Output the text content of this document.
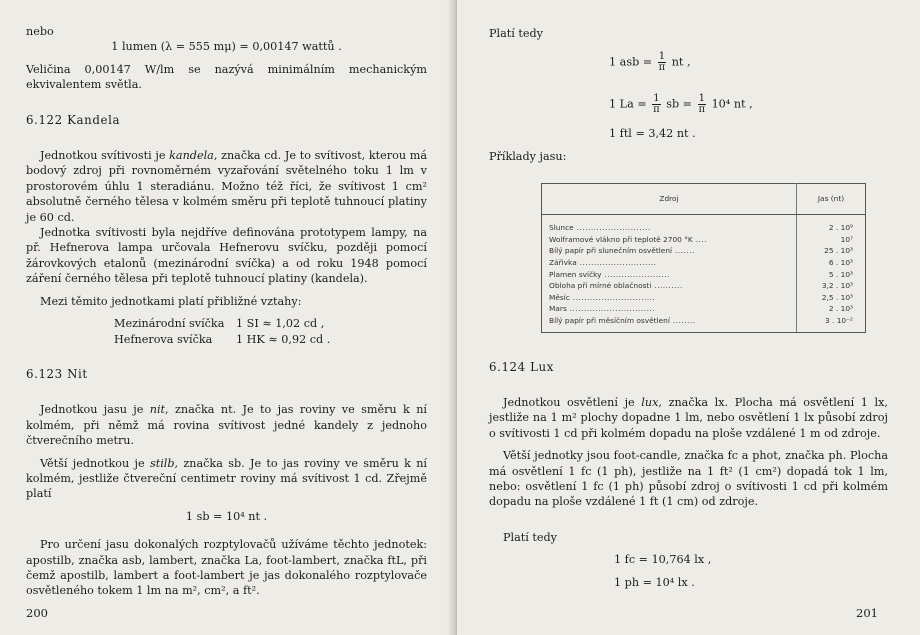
nebo

1 lumen (λ = 555 mμ) = 0,00147 wattů .

Veličina 0,00147 W/lm se nazývá minimálním mechanickým ekvivalentem světla.

6.122 Kandela

Jednotkou svítivosti je kandela, značka cd. Je to svítivost, kterou má bodový zdroj při rovnoměrném vyzařování světelného toku 1 lm v prostorovém úhlu 1 steradiánu. Možno též říci, že svítivost 1 cm² absolutně černého tělesa v kolmém směru při teplotě tuhnoucí platiny je 60 cd.

Jednotka svítivosti byla nejdříve definována prototypem lampy, na př. Hefnerova lampa určovala Hefnerovu svíčku, později pomocí žárovkových etalonů (mezinárodní svíčka) a od roku 1948 pomocí záření černého tělesa při teplotě tuhnoucí platiny (kandela).

Mezi těmito jednotkami platí přibližné vztahy:

Mezinárodní svíčka	1 SI ≈ 1,02 cd ,
Hefnerova svíčka	1 HK ≈ 0,92 cd .
6.123 Nit

Jednotkou jasu je nit, značka nt. Je to jas roviny ve směru k ní kolmém, při němž má rovina svítivost jedné kandely z jednoho čtverečního metru.

Větší jednotkou je stilb, značka sb. Je to jas roviny ve směru k ní kolmém, jestliže čtvereční centimetr roviny má svítivost 1 cd. Zřejmě platí

1 sb = 10⁴ nt .

Pro určení jasu dokonalých rozptylovačů užíváme těchto jednotek: apostilb, značka asb, lambert, značka La, foot-lambert, značka ftL, při čemž apostilb, lambert a foot-lambert je jas dokonalého rozptylovače osvětleného tokem 1 lm na m², cm², a ft².

200

Platí tedy

1 asb = $\frac{1}{\pi}$ nt ,
1 $La = \frac{1}{\pi}$ sb = $\frac{1}{\pi} 10^4$ nt ,

1 ftl = 3,42 nt .

Příklady jasu:

Zdroj	Jas (nt)
Slunce ..........................	2 . 10⁹
Wolframové vlákno při teplotě 2700 °K ....	10⁷
Bílý papír při slunečním osvětlení .......	25 . 10³
Zářivka ...........................	6 . 10³
Plamen svíčky .......................	5 . 10³
Obloha při mírné oblačnosti ..........	3,2 . 10³
Měsíc .............................	2,5 . 10³
Mars ..............................	2 . 10³
Bílý papír při měsíčním osvětlení ........	3 . 10⁻²
6.124 Lux

Jednotkou osvětlení je lux, značka lx. Plocha má osvětlení 1 lx, jestliže na 1 m² plochy dopadne 1 lm, nebo osvětlení 1 lx působí zdroj o svítivosti 1 cd při kolmém dopadu na ploše vzdálené 1 m od zdroje.

Větší jednotky jsou foot-candle, značka fc a phot, značka ph. Plocha má osvětlení 1 fc (1 ph), jestliže na 1 ft² (1 cm²) dopadá tok 1 lm, nebo: osvětlení 1 fc (1 ph) působí zdroj o svítivosti 1 cd při kolmém dopadu na ploše vzdálené 1 ft (1 cm) od zdroje.

Platí tedy

1 fc = 10,764 lx ,

1 ph = 10⁴ lx .

201
